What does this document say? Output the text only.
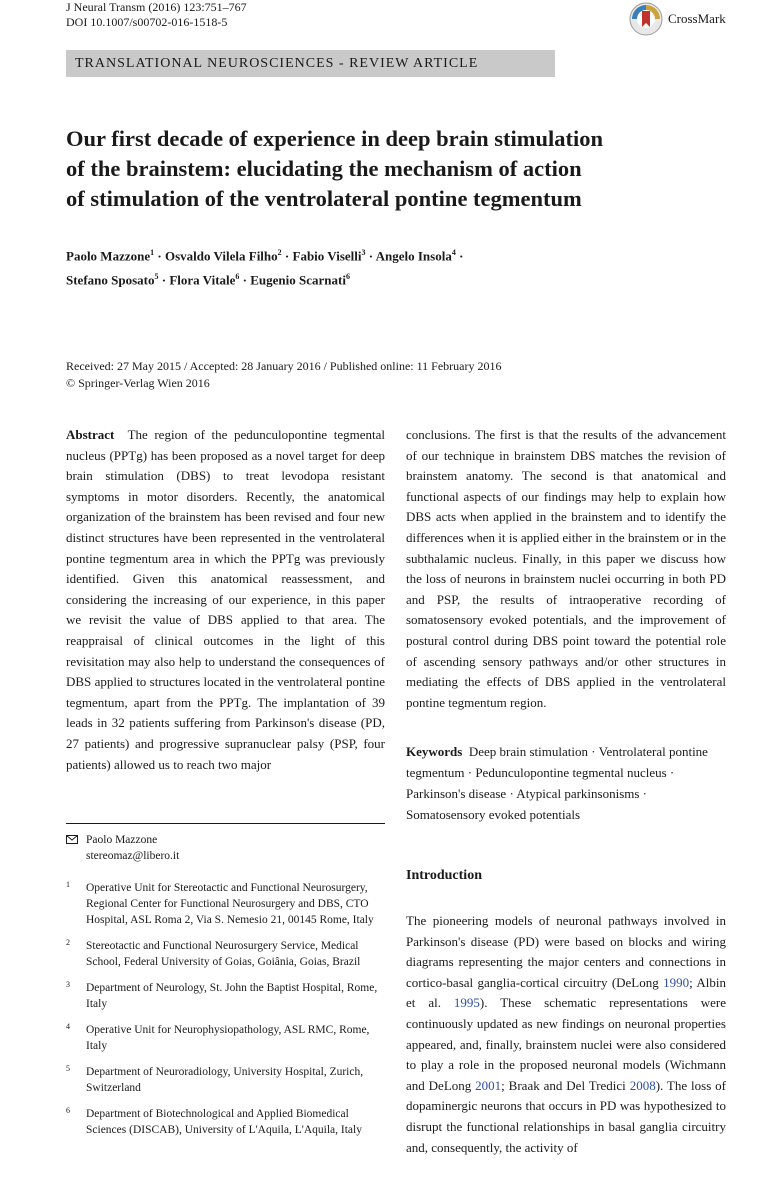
J Neural Transm (2016) 123:751–767
DOI 10.1007/s00702-016-1518-5	CrossMark
TRANSLATIONAL NEUROSCIENCES - REVIEW ARTICLE
Our first decade of experience in deep brain stimulation
of the brainstem: elucidating the mechanism of action
of stimulation of the ventrolateral pontine tegmentum
Paolo Mazzone$^1$ · Osvaldo Vilela Filho$^2$ · Fabio Viselli$^3$ · Angelo Insola$^4$ ·
Stefano Sposato$^5$ · Flora Vitale$^6$ · Eugenio Scarnati$^6$
Received: 27 May 2015 / Accepted: 28 January 2016 / Published online: 11 February 2016
© Springer-Verlag Wien 2016
Abstract The region of the pedunculopontine tegmental nucleus (PPTg) has been proposed as a novel target for deep brain stimulation (DBS) to treat levodopa resistant symptoms in motor disorders. Recently, the anatomical organization of the brainstem has been revised and four new distinct structures have been represented in the ventrolateral pontine tegmentum area in which the PPTg was previously identified. Given this anatomical reassessment, and considering the increasing of our experience, in this paper we revisit the value of DBS applied to that area. The reappraisal of clinical outcomes in the light of this revisitation may also help to understand the consequences of DBS applied to structures located in the ventrolateral pontine tegmentum, apart from the PPTg. The implantation of 39 leads in 32 patients suffering from Parkinson's disease (PD, 27 patients) and progressive supranuclear palsy (PSP, four patients) allowed us to reach two major
conclusions. The first is that the results of the advancement of our technique in brainstem DBS matches the revision of brainstem anatomy. The second is that anatomical and functional aspects of our findings may help to explain how DBS acts when applied in the brainstem and to identify the differences when it is applied either in the brainstem or in the subthalamic nucleus. Finally, in this paper we discuss how the loss of neurons in brainstem nuclei occurring in both PD and PSP, the results of intraoperative recording of somatosensory evoked potentials, and the improvement of postural control during DBS point toward the potential role of ascending sensory pathways and/or other structures in mediating the effects of DBS applied in the ventrolateral pontine tegmentum region.
Keywords Deep brain stimulation · Ventrolateral pontine tegmentum · Pedunculopontine tegmental nucleus · Parkinson's disease · Atypical parkinsonisms · Somatosensory evoked potentials
Paolo Mazzone
stereomaz@libero.it
1 Operative Unit for Stereotactic and Functional Neurosurgery, Regional Center for Functional Neurosurgery and DBS, CTO Hospital, ASL Roma 2, Via S. Nemesio 21, 00145 Rome, Italy
2 Stereotactic and Functional Neurosurgery Service, Medical School, Federal University of Goias, Goiânia, Goias, Brazil
3 Department of Neurology, St. John the Baptist Hospital, Rome, Italy
4 Operative Unit for Neurophysiopathology, ASL RMC, Rome, Italy
5 Department of Neuroradiology, University Hospital, Zurich, Switzerland
6 Department of Biotechnological and Applied Biomedical Sciences (DISCAB), University of L'Aquila, L'Aquila, Italy
Introduction
The pioneering models of neuronal pathways involved in Parkinson's disease (PD) were based on blocks and wiring diagrams representing the major centers and connections in cortico-basal ganglia-cortical circuitry (DeLong 1990; Albin et al. 1995). These schematic representations were continuously updated as new findings on neuronal properties appeared, and, finally, brainstem nuclei were also considered to play a role in the proposed neuronal models (Wichmann and DeLong 2001; Braak and Del Tredici 2008). The loss of dopaminergic neurons that occurs in PD was hypothesized to disrupt the functional relationships in basal ganglia circuitry and, consequently, the activity of
